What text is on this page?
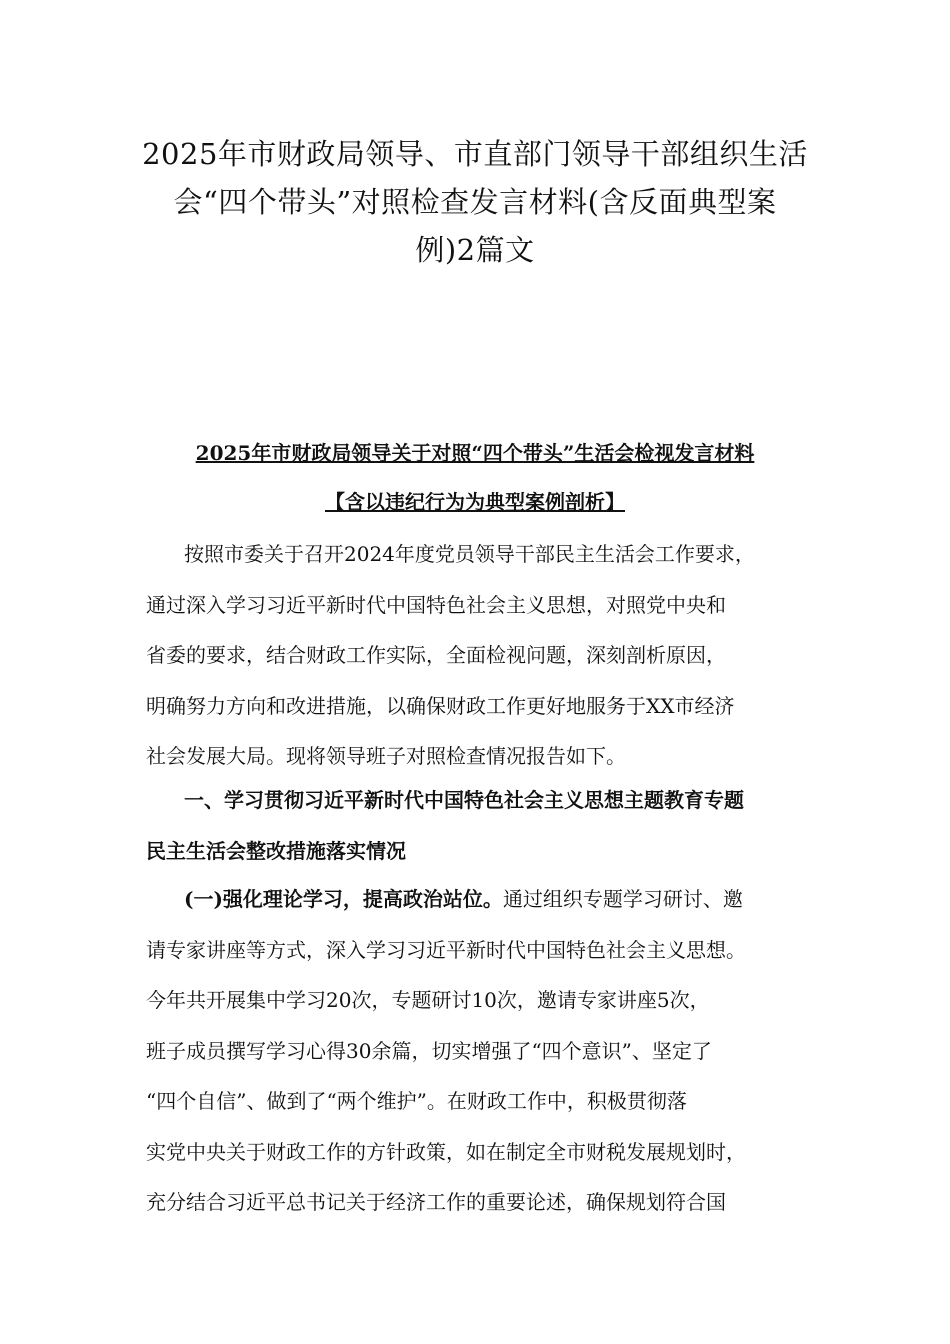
2025年市财政局领导、市直部门领导干部组织生活
会“四个带头”对照检查发言材料(含反面典型案
例)2篇文
2025年市财政局领导关于对照“四个带头”生活会检视发言材料
【含以违纪行为为典型案例剖析】
按照市委关于召开2024年度党员领导干部民主生活会工作要求，
通过深入学习习近平新时代中国特色社会主义思想，对照党中央和
省委的要求，结合财政工作实际，全面检视问题，深刻剖析原因，
明确努力方向和改进措施，以确保财政工作更好地服务于XX市经济
社会发展大局。现将领导班子对照检查情况报告如下。
一、学习贯彻习近平新时代中国特色社会主义思想主题教育专题
民主生活会整改措施落实情况
(一)强化理论学习，提高政治站位。通过组织专题学习研讨、邀
请专家讲座等方式，深入学习习近平新时代中国特色社会主义思想。
今年共开展集中学习20次，专题研讨10次，邀请专家讲座5次，
班子成员撰写学习心得30余篇，切实增强了“四个意识”、坚定了
“四个自信”、做到了“两个维护”。在财政工作中，积极贯彻落
实党中央关于财政工作的方针政策，如在制定全市财税发展规划时，
充分结合习近平总书记关于经济工作的重要论述，确保规划符合国
